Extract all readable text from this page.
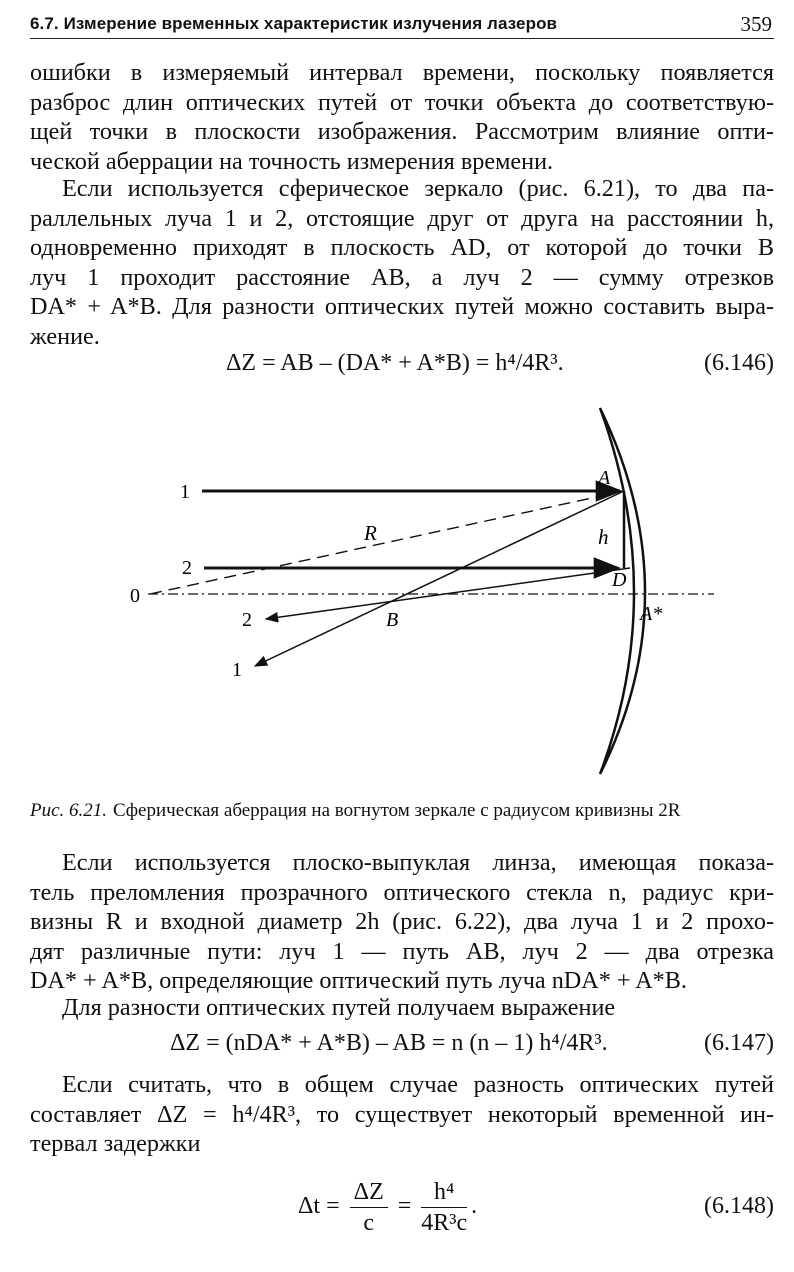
6.7. Измерение временных характеристик излучения лазеров	359
ошибки в измеряемый интервал времени, поскольку появляется
разброс длин оптических путей от точки объекта до соответствую-
щей точки в плоскости изображения. Рассмотрим влияние опти-
ческой аберрации на точность измерения времени.
Если используется сферическое зеркало (рис. 6.21), то два па-
раллельных луча 1 и 2, отстоящие друг от друга на расстоянии h,
одновременно приходят в плоскость AD, от которой до точки B
луч 1 проходит расстояние AB, а луч 2 — сумму отрезков
DA* + A*B. Для разности оптических путей можно составить выра-
жение.
ΔZ = AB – (DA* + A*B) = h⁴/4R³.	(6.146)
1
2
0
2
1
R	h
A
D
B	A*
Рис. 6.21. Сферическая аберрация на вогнутом зеркале с радиусом кривизны 2R
Если используется плоско-выпуклая линза, имеющая показа-
тель преломления прозрачного оптического стекла n, радиус кри-
визны R и входной диаметр 2h (рис. 6.22), два луча 1 и 2 прохо-
дят различные пути: луч 1 — путь AB, луч 2 — два отрезка
DA* + A*B, определяющие оптический путь луча nDA* + A*B.
Для разности оптических путей получаем выражение
ΔZ = (nDA* + A*B) – AB = n (n – 1) h⁴/4R³.	(6.147)
Если считать, что в общем случае разность оптических путей
составляет ΔZ = h⁴/4R³, то существует некоторый временной ин-
тервал задержки
$\Delta t = \frac{\Delta Z}{c} = \frac{\text{h⁴}}{\text{4R³c}}$ .	(6.148)
